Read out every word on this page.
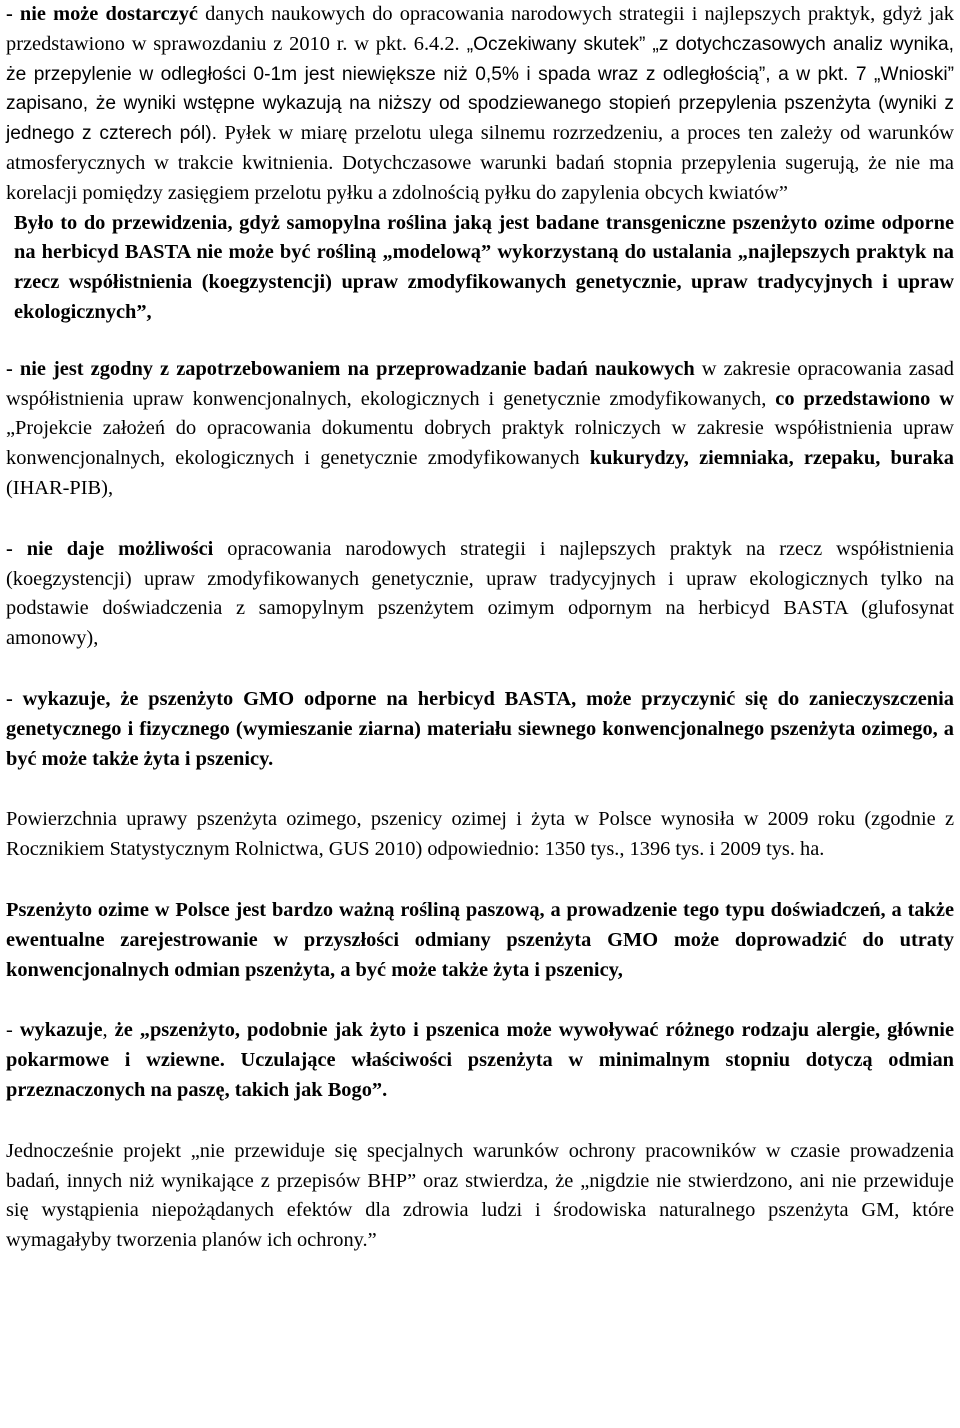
- nie może dostarczyć danych naukowych do opracowania narodowych strategii i najlepszych praktyk, gdyż jak przedstawiono w sprawozdaniu z 2010 r. w pkt. 6.4.2. „Oczekiwany skutek” „z dotychczasowych analiz wynika, że przepylenie w odległości 0-1m jest niewiększe niż 0,5% i spada wraz z odległością”, a w pkt. 7 „Wnioski” zapisano, że wyniki wstępne wykazują na niższy od spodziewanego stopień przepylenia pszenżyta (wyniki z jednego z czterech pól). Pyłek w miarę przelotu ulega silnemu rozrzedzeniu, a proces ten zależy od warunków atmosferycznych w trakcie kwitnienia. Dotychczasowe warunki badań stopnia przepylenia sugerują, że nie ma korelacji pomiędzy zasięgiem przelotu pyłku a zdolnością pyłku do zapylenia obcych kwiatów”

Było to do przewidzenia, gdyż samopylna roślina jaką jest badane transgeniczne pszenżyto ozime odporne na herbicyd BASTA nie może być rośliną „modelową” wykorzystaną do ustalania „najlepszych praktyk na rzecz współistnienia (koegzystencji) upraw zmodyfikowanych genetycznie, upraw tradycyjnych i upraw ekologicznych”,

- nie jest zgodny z zapotrzebowaniem na przeprowadzanie badań naukowych w zakresie opracowania zasad współistnienia upraw konwencjonalnych, ekologicznych i genetycznie zmodyfikowanych, co przedstawiono w „Projekcie założeń do opracowania dokumentu dobrych praktyk rolniczych w zakresie współistnienia upraw konwencjonalnych, ekologicznych i genetycznie zmodyfikowanych kukurydzy, ziemniaka, rzepaku, buraka (IHAR-PIB),

- nie daje możliwości opracowania narodowych strategii i najlepszych praktyk na rzecz współistnienia (koegzystencji) upraw zmodyfikowanych genetycznie, upraw tradycyjnych i upraw ekologicznych tylko na podstawie doświadczenia z samopylnym pszenżytem ozimym odpornym na herbicyd BASTA (glufosynat amonowy),

- wykazuje, że pszenżyto GMO odporne na herbicyd BASTA, może przyczynić się do zanieczyszczenia genetycznego i fizycznego (wymieszanie ziarna) materiału siewnego konwencjonalnego pszenżyta ozimego, a być może także żyta i pszenicy.

Powierzchnia uprawy pszenżyta ozimego, pszenicy ozimej i żyta w Polsce wynosiła w 2009 roku (zgodnie z Rocznikiem Statystycznym Rolnictwa, GUS 2010) odpowiednio: 1350 tys., 1396 tys. i 2009 tys. ha.

Pszenżyto ozime w Polsce jest bardzo ważną rośliną paszową, a prowadzenie tego typu doświadczeń, a także ewentualne zarejestrowanie w przyszłości odmiany pszenżyta GMO może doprowadzić do utraty konwencjonalnych odmian pszenżyta, a być może także żyta i pszenicy,

- wykazuje, że „pszenżyto, podobnie jak żyto i pszenica może wywoływać różnego rodzaju alergie, głównie pokarmowe i wziewne. Uczulające właściwości pszenżyta w minimalnym stopniu dotyczą odmian przeznaczonych na paszę, takich jak Bogo”.

Jednocześnie projekt „nie przewiduje się specjalnych warunków ochrony pracowników w czasie prowadzenia badań, innych niż wynikające z przepisów BHP” oraz stwierdza, że „nigdzie nie stwierdzono, ani nie przewiduje się wystąpienia niepożądanych efektów dla zdrowia ludzi i środowiska naturalnego pszenżyta GM, które wymagałyby tworzenia planów ich ochrony.”
